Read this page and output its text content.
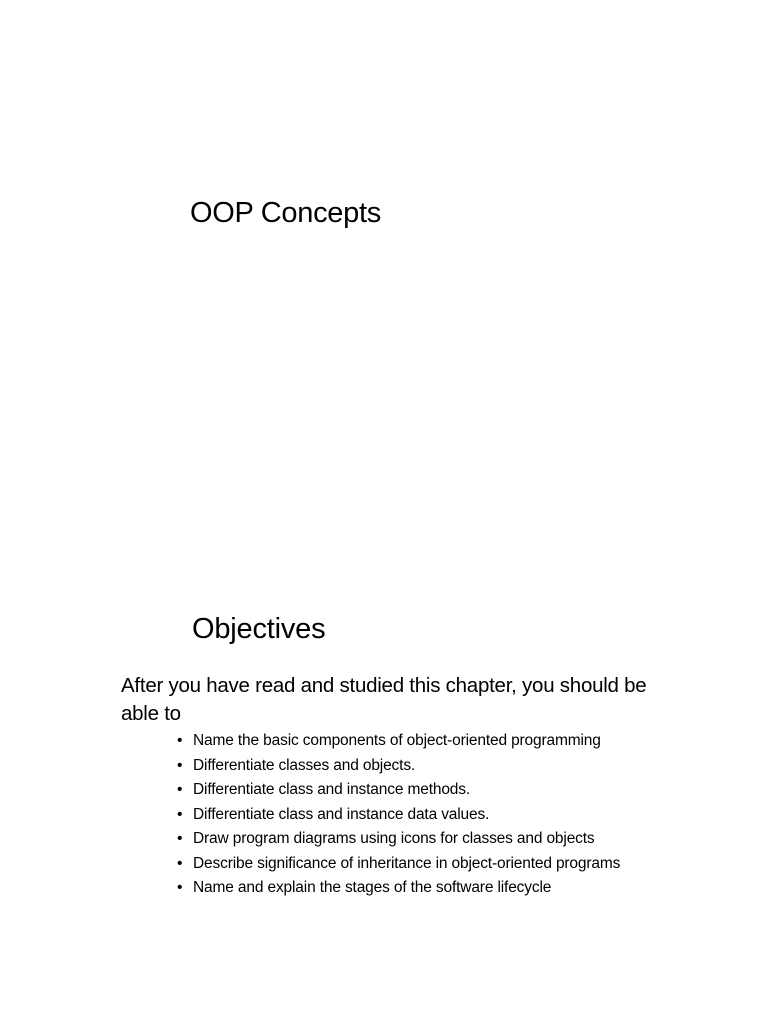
OOP Concepts
Objectives

After you have read and studied this chapter, you should be able to

• Name the basic components of object-oriented programming
• Differentiate classes and objects.
• Differentiate class and instance methods.
• Differentiate class and instance data values.
• Draw program diagrams using icons for classes and objects
• Describe significance of inheritance in object-oriented programs
• Name and explain the stages of the software lifecycle
